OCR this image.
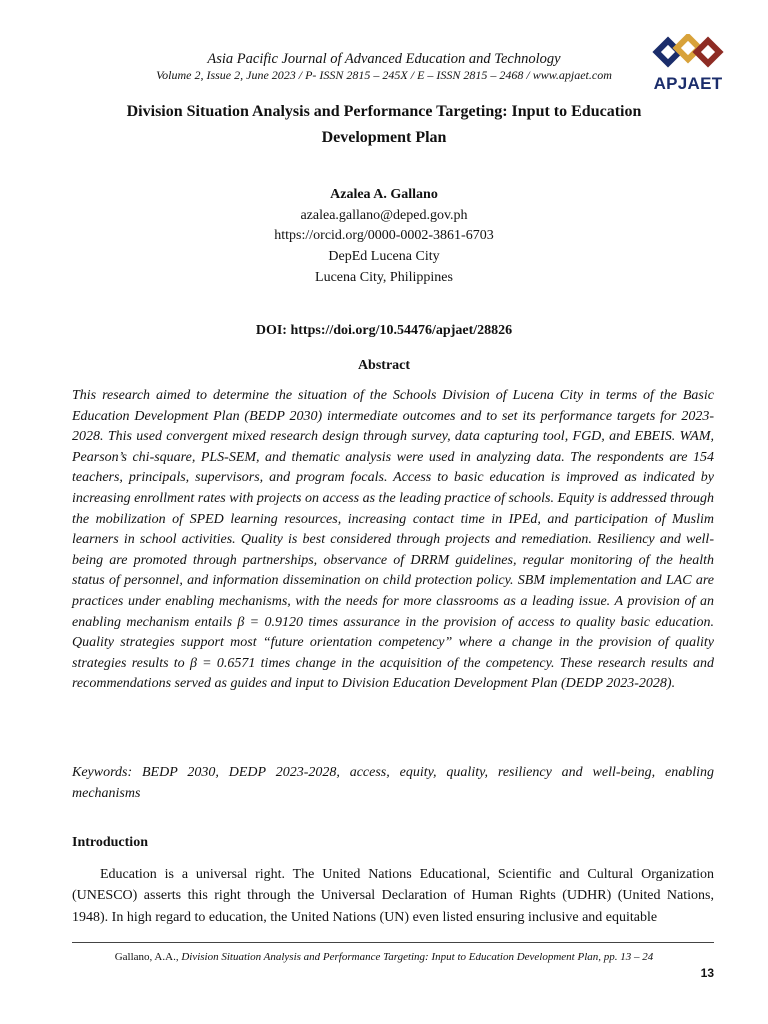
Asia Pacific Journal of Advanced Education and Technology
Volume 2, Issue 2, June 2023 / P- ISSN 2815 – 245X / E – ISSN 2815 – 2468 / www.apjaet.com	APJAET
Division Situation Analysis and Performance Targeting: Input to Education Development Plan
Azalea A. Gallano
azalea.gallano@deped.gov.ph
https://orcid.org/0000-0002-3861-6703
DepEd Lucena City
Lucena City, Philippines
DOI: https://doi.org/10.54476/apjaet/28826
Abstract

This research aimed to determine the situation of the Schools Division of Lucena City in terms of the Basic Education Development Plan (BEDP 2030) intermediate outcomes and to set its performance targets for 2023-2028. This used convergent mixed research design through survey, data capturing tool, FGD, and EBEIS. WAM, Pearson’s chi-square, PLS-SEM, and thematic analysis were used in analyzing data. The respondents are 154 teachers, principals, supervisors, and program focals. Access to basic education is improved as indicated by increasing enrollment rates with projects on access as the leading practice of schools. Equity is addressed through the mobilization of SPED learning resources, increasing contact time in IPEd, and participation of Muslim learners in school activities. Quality is best considered through projects and remediation. Resiliency and well-being are promoted through partnerships, observance of DRRM guidelines, regular monitoring of the health status of personnel, and information dissemination on child protection policy. SBM implementation and LAC are practices under enabling mechanisms, with the needs for more classrooms as a leading issue. A provision of an enabling mechanism entails β = 0.9120 times assurance in the provision of access to quality basic education. Quality strategies support most “future orientation competency” where a change in the provision of quality strategies results to β = 0.6571 times change in the acquisition of the competency. These research results and recommendations served as guides and input to Division Education Development Plan (DEDP 2023-2028).

Keywords: BEDP 2030, DEDP 2023-2028, access, equity, quality, resiliency and well-being, enabling mechanisms

Introduction

Education is a universal right. The United Nations Educational, Scientific and Cultural Organization (UNESCO) asserts this right through the Universal Declaration of Human Rights (UDHR) (United Nations, 1948). In high regard to education, the United Nations (UN) even listed ensuring inclusive and equitable

Gallano, A.A., Division Situation Analysis and Performance Targeting: Input to Education Development Plan, pp. 13 – 24
13
